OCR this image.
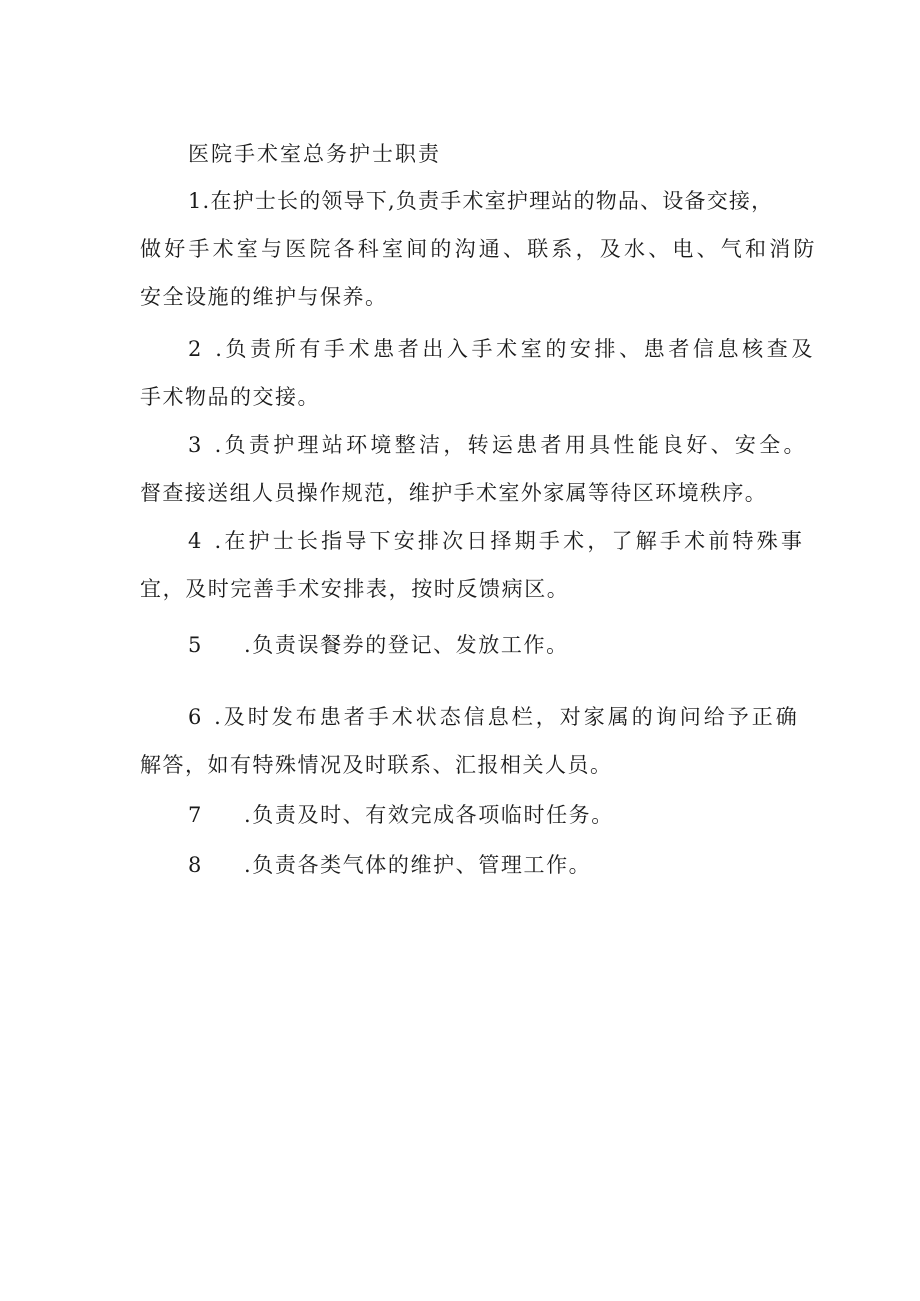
医院手术室总务护士职责
1.在护士长的领导下,负责手术室护理站的物品、设备交接，
做好手术室与医院各科室间的沟通、联系，及水、电、气和消防
安全设施的维护与保养。
2 .负责所有手术患者出入手术室的安排、患者信息核查及
手术物品的交接。
3 .负责护理站环境整洁，转运患者用具性能良好、安全。
督查接送组人员操作规范，维护手术室外家属等待区环境秩序。
4 .在护士长指导下安排次日择期手术，了解手术前特殊事
宜，及时完善手术安排表，按时反馈病区。
5 .负责误餐券的登记、发放工作。
6 .及时发布患者手术状态信息栏，对家属的询问给予正确
解答，如有特殊情况及时联系、汇报相关人员。
7 .负责及时、有效完成各项临时任务。
8 .负责各类气体的维护、管理工作。
